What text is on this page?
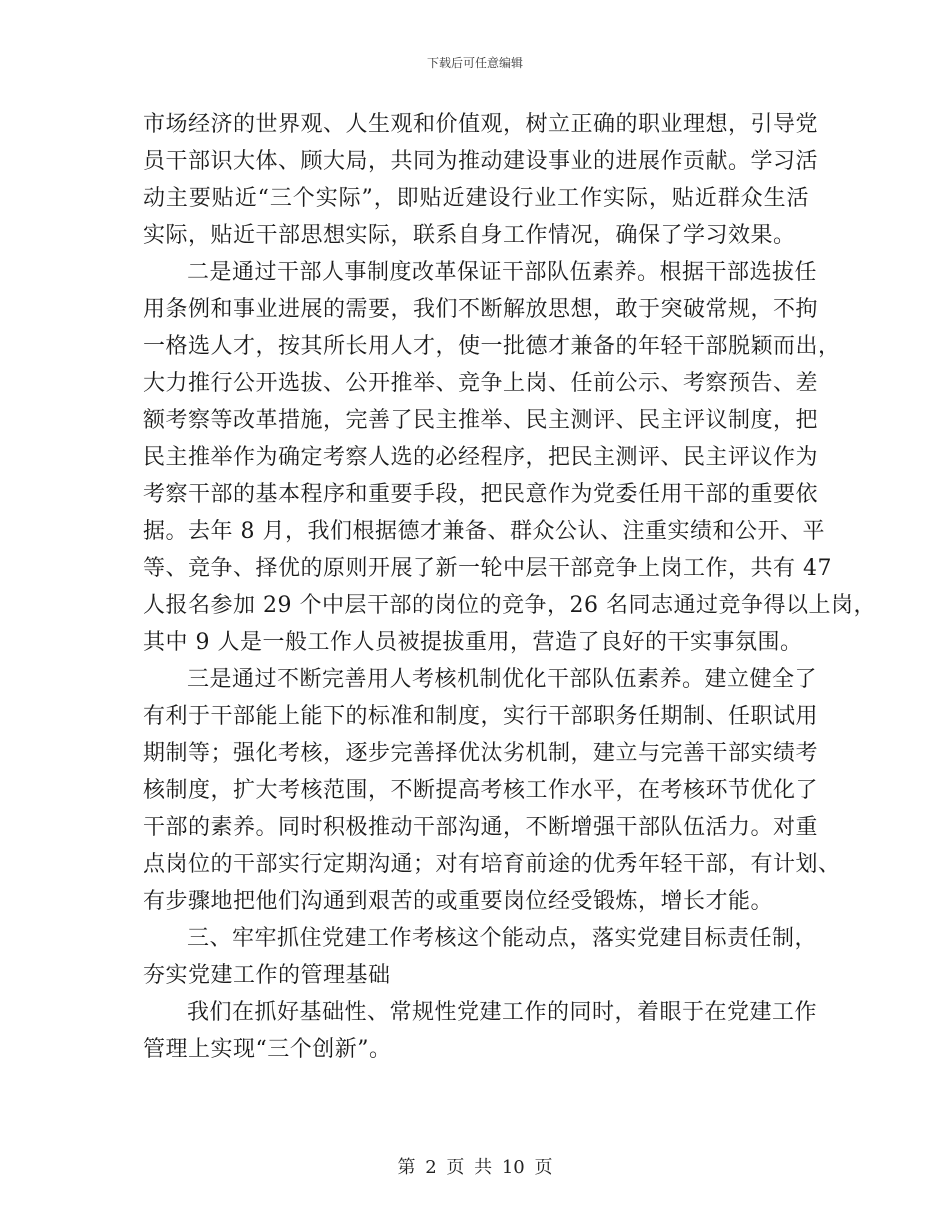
下载后可任意编辑
市场经济的世界观、人生观和价值观，树立正确的职业理想，引导党
员干部识大体、顾大局，共同为推动建设事业的进展作贡献。学习活
动主要贴近“三个实际”，即贴近建设行业工作实际，贴近群众生活
实际，贴近干部思想实际，联系自身工作情况，确保了学习效果。
二是通过干部人事制度改革保证干部队伍素养。根据干部选拔任
用条例和事业进展的需要，我们不断解放思想，敢于突破常规，不拘
一格选人才，按其所长用人才，使一批德才兼备的年轻干部脱颖而出，
大力推行公开选拔、公开推举、竞争上岗、任前公示、考察预告、差
额考察等改革措施，完善了民主推举、民主测评、民主评议制度，把
民主推举作为确定考察人选的必经程序，把民主测评、民主评议作为
考察干部的基本程序和重要手段，把民意作为党委任用干部的重要依
据。去年 8 月，我们根据德才兼备、群众公认、注重实绩和公开、平
等、竞争、择优的原则开展了新一轮中层干部竞争上岗工作，共有 47
人报名参加 29 个中层干部的岗位的竞争，26 名同志通过竞争得以上岗，
其中 9 人是一般工作人员被提拔重用，营造了良好的干实事氛围。
三是通过不断完善用人考核机制优化干部队伍素养。建立健全了
有利于干部能上能下的标准和制度，实行干部职务任期制、任职试用
期制等；强化考核，逐步完善择优汰劣机制，建立与完善干部实绩考
核制度，扩大考核范围，不断提高考核工作水平，在考核环节优化了
干部的素养。同时积极推动干部沟通，不断增强干部队伍活力。对重
点岗位的干部实行定期沟通；对有培育前途的优秀年轻干部，有计划、
有步骤地把他们沟通到艰苦的或重要岗位经受锻炼，增长才能。
三、牢牢抓住党建工作考核这个能动点，落实党建目标责任制，
夯实党建工作的管理基础
我们在抓好基础性、常规性党建工作的同时，着眼于在党建工作
管理上实现“三个创新”。
第 2 页 共 10 页
